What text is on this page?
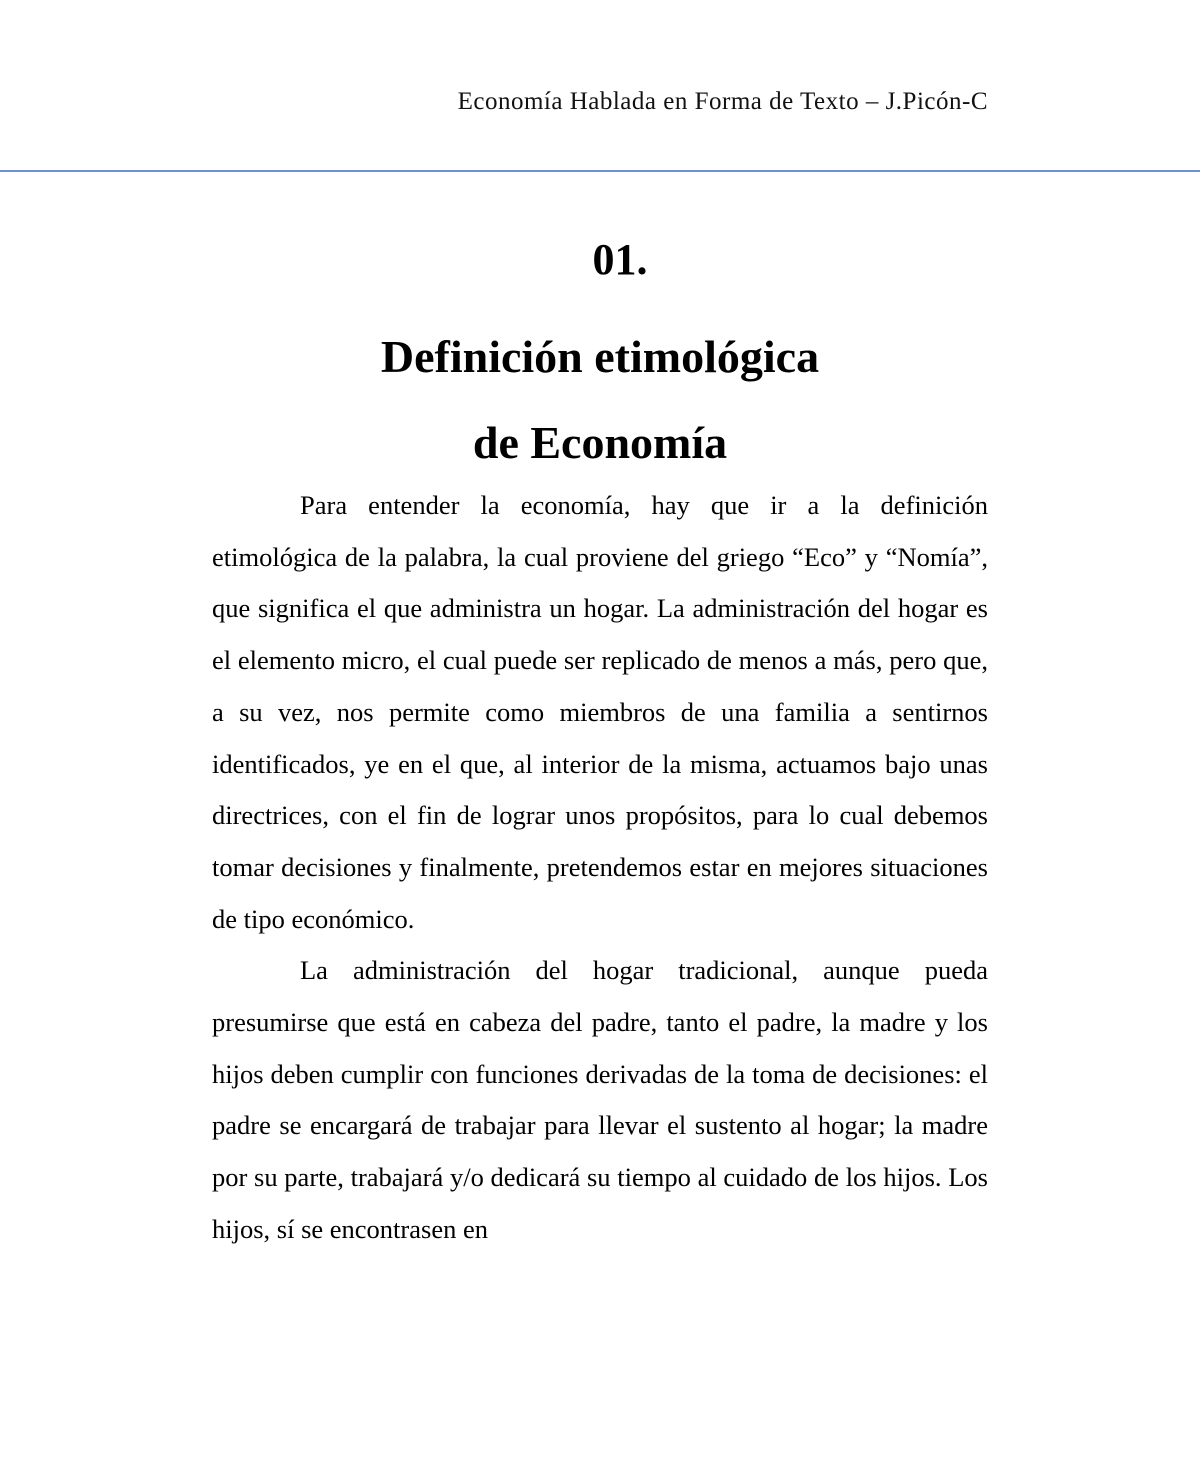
Economía Hablada en Forma de Texto – J.Picón-C
01.
Definición etimológica
de Economía

Para entender la economía, hay que ir a la definición etimológica de la palabra, la cual proviene del griego “Eco” y “Nomía”, que significa el que administra un hogar. La administración del hogar es el elemento micro, el cual puede ser replicado de menos a más, pero que, a su vez, nos permite como miembros de una familia a sentirnos identificados, ye en el que, al interior de la misma, actuamos bajo unas directrices, con el fin de lograr unos propósitos, para lo cual debemos tomar decisiones y finalmente, pretendemos estar en mejores situaciones de tipo económico.

La administración del hogar tradicional, aunque pueda presumirse que está en cabeza del padre, tanto el padre, la madre y los hijos deben cumplir con funciones derivadas de la toma de decisiones: el padre se encargará de trabajar para llevar el sustento al hogar; la madre por su parte, trabajará y/o dedicará su tiempo al cuidado de los hijos. Los hijos, sí se encontrasen en
